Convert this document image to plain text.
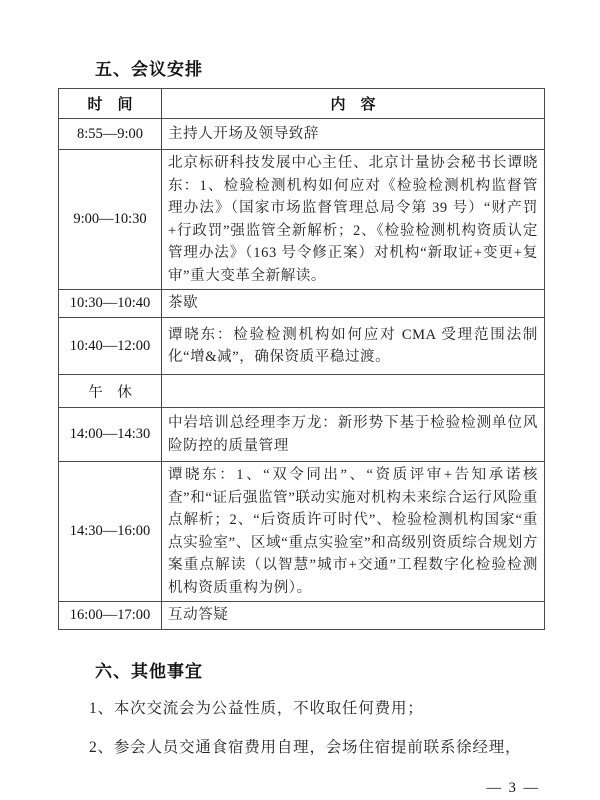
五、会议安排
时　间	内　容
8:55—9:00	主持人开场及领导致辞
9:00—10:30	北京标研科技发展中心主任、北京计量协会秘书长谭晓东：1、检验检测机构如何应对《检验检测机构监督管理办法》（国家市场监督管理总局令第 39 号）“财产罚+行政罚”强监管全新解析；2、《检验检测机构资质认定管理办法》（163 号令修正案）对机构“新取证+变更+复审”重大变革全新解读。
10:30—10:40	茶歇
10:40—12:00	谭晓东：检验检测机构如何应对 CMA 受理范围法制化“增&减”，确保资质平稳过渡。
午　休	
14:00—14:30	中岩培训总经理李万龙：新形势下基于检验检测单位风险防控的质量管理
14:30—16:00	谭晓东：1、“双令同出”、“资质评审+告知承诺核查”和“证后强监管”联动实施对机构未来综合运行风险重点解析；2、“后资质许可时代”、检验检测机构国家“重点实验室”、区域“重点实验室”和高级别资质综合规划方案重点解读（以智慧”城市+交通”工程数字化检验检测机构资质重构为例）。
16:00—17:00	互动答疑
六、其他事宜

1、本次交流会为公益性质，不收取任何费用；

2、参会人员交通食宿费用自理，会场住宿提前联系徐经理，

— 3 —
